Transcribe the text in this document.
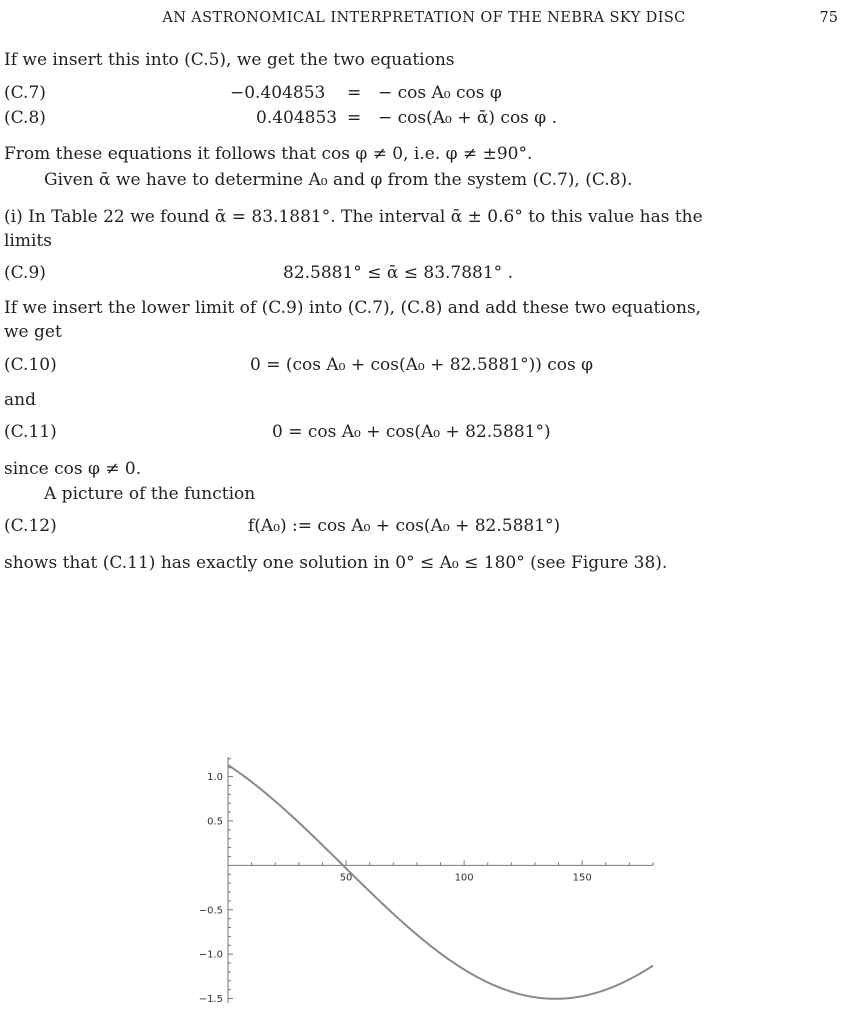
AN ASTRONOMICAL INTERPRETATION OF THE NEBRA SKY DISC	75
If we insert this into (C.5), we get the two equations
(C.7)	−0.404853 = − cos A₀ cos φ
(C.8)	0.404853 = − cos(A₀ + ᾱ) cos φ .
From these equations it follows that cos φ ≠ 0, i.e. φ ≠ ±90°.
Given ᾱ we have to determine A₀ and φ from the system (C.7), (C.8).
(i) In Table 22 we found ᾱ = 83.1881°. The interval ᾱ ± 0.6° to this value has the
limits
(C.9)	82.5881° ≤ ᾱ ≤ 83.7881° .
If we insert the lower limit of (C.9) into (C.7), (C.8) and add these two equations,
we get
(C.10)	0 = (cos A₀ + cos(A₀ + 82.5881°)) cos φ
and
(C.11)	0 = cos A₀ + cos(A₀ + 82.5881°)
since cos φ ≠ 0.
A picture of the function
(C.12)	f(A₀) := cos A₀ + cos(A₀ + 82.5881°)
shows that (C.11) has exactly one solution in 0° ≤ A₀ ≤ 180° (see Figure 38).
50	100	150
1.0
0.5
−0.5
−1.0
−1.5
